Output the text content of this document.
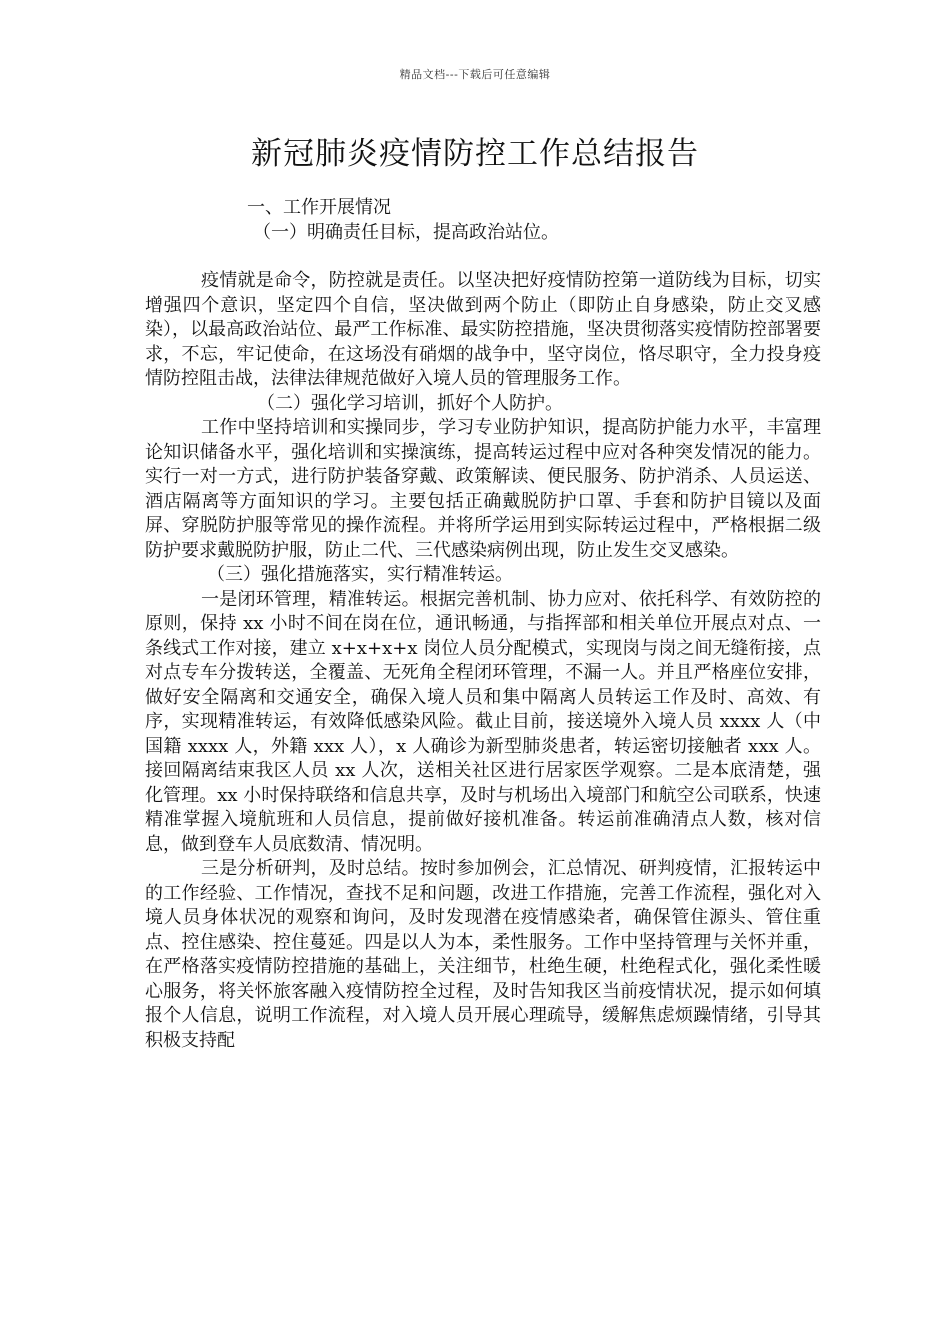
精品文档---下载后可任意编辑
新冠肺炎疫情防控工作总结报告

一、工作开展情况

（一）明确责任目标，提高政治站位。

疫情就是命令，防控就是责任。以坚决把好疫情防控第一道防线为目标，切实增强四个意识，坚定四个自信，坚决做到两个防止（即防止自身感染，防止交叉感染），以最高政治站位、最严工作标准、最实防控措施，坚决贯彻落实疫情防控部署要求，不忘，牢记使命，在这场没有硝烟的战争中，坚守岗位，恪尽职守，全力投身疫情防控阻击战，法律法律规范做好入境人员的管理服务工作。

（二）强化学习培训，抓好个人防护。

工作中坚持培训和实操同步，学习专业防护知识，提高防护能力水平，丰富理论知识储备水平，强化培训和实操演练，提高转运过程中应对各种突发情况的能力。实行一对一方式，进行防护装备穿戴、政策解读、便民服务、防护消杀、人员运送、酒店隔离等方面知识的学习。主要包括正确戴脱防护口罩、手套和防护目镜以及面屏、穿脱防护服等常见的操作流程。并将所学运用到实际转运过程中，严格根据二级防护要求戴脱防护服，防止二代、三代感染病例出现，防止发生交叉感染。

（三）强化措施落实，实行精准转运。

一是闭环管理，精准转运。根据完善机制、协力应对、依托科学、有效防控的原则，保持 xx 小时不间在岗在位，通讯畅通，与指挥部和相关单位开展点对点、一条线式工作对接，建立 x+x+x+x 岗位人员分配模式，实现岗与岗之间无缝衔接，点对点专车分拨转送，全覆盖、无死角全程闭环管理，不漏一人。并且严格座位安排，做好安全隔离和交通安全，确保入境人员和集中隔离人员转运工作及时、高效、有序，实现精准转运，有效降低感染风险。截止目前，接送境外入境人员 xxxx 人（中国籍 xxxx 人，外籍 xxx 人），x 人确诊为新型肺炎患者，转运密切接触者 xxx 人。接回隔离结束我区人员 xx 人次，送相关社区进行居家医学观察。二是本底清楚，强化管理。xx 小时保持联络和信息共享，及时与机场出入境部门和航空公司联系，快速精准掌握入境航班和人员信息，提前做好接机准备。转运前准确清点人数，核对信息，做到登车人员底数清、情况明。

三是分析研判，及时总结。按时参加例会，汇总情况、研判疫情，汇报转运中的工作经验、工作情况，查找不足和问题，改进工作措施，完善工作流程，强化对入境人员身体状况的观察和询问，及时发现潜在疫情感染者，确保管住源头、管住重点、控住感染、控住蔓延。四是以人为本，柔性服务。工作中坚持管理与关怀并重，在严格落实疫情防控措施的基础上，关注细节，杜绝生硬，杜绝程式化，强化柔性暖心服务，将关怀旅客融入疫情防控全过程，及时告知我区当前疫情状况，提示如何填报个人信息，说明工作流程，对入境人员开展心理疏导，缓解焦虑烦躁情绪，引导其积极支持配
